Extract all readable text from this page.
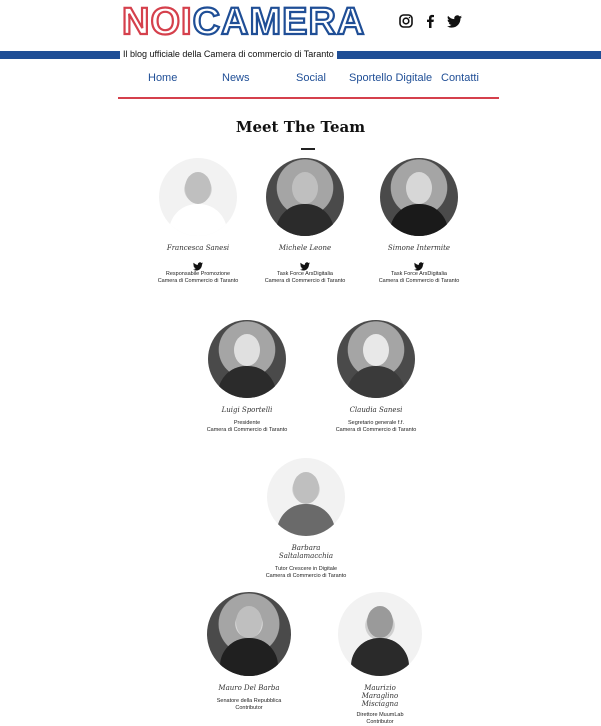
NOICAMERA
Il blog ufficiale della Camera di commercio di Taranto
Home	News	Social Sportello Digitale Contatti
Meet The Team
Francesca Sanesi
Responsabile Promozione
Camera di Commercio di Taranto
Michele Leone
Task Force ArsDigitalia
Camera di Commercio di Taranto
Simone Intermite
Task Force ArsDigitalia
Camera di Commercio di Taranto
Luigi Sportelli
Presidente
Camera di Commercio di Taranto
Claudia Sanesi
Segretario generale f.f.
Camera di Commercio di Taranto
Barbara Saltalamacchia
Tutor Crescere in Digitale
Camera di Commercio di Taranto
Mauro Del Barba
Senatore della Repubblica
Contributor
Maurizio Maraglino Misciagna
Direttore MuumLab
Contributor
